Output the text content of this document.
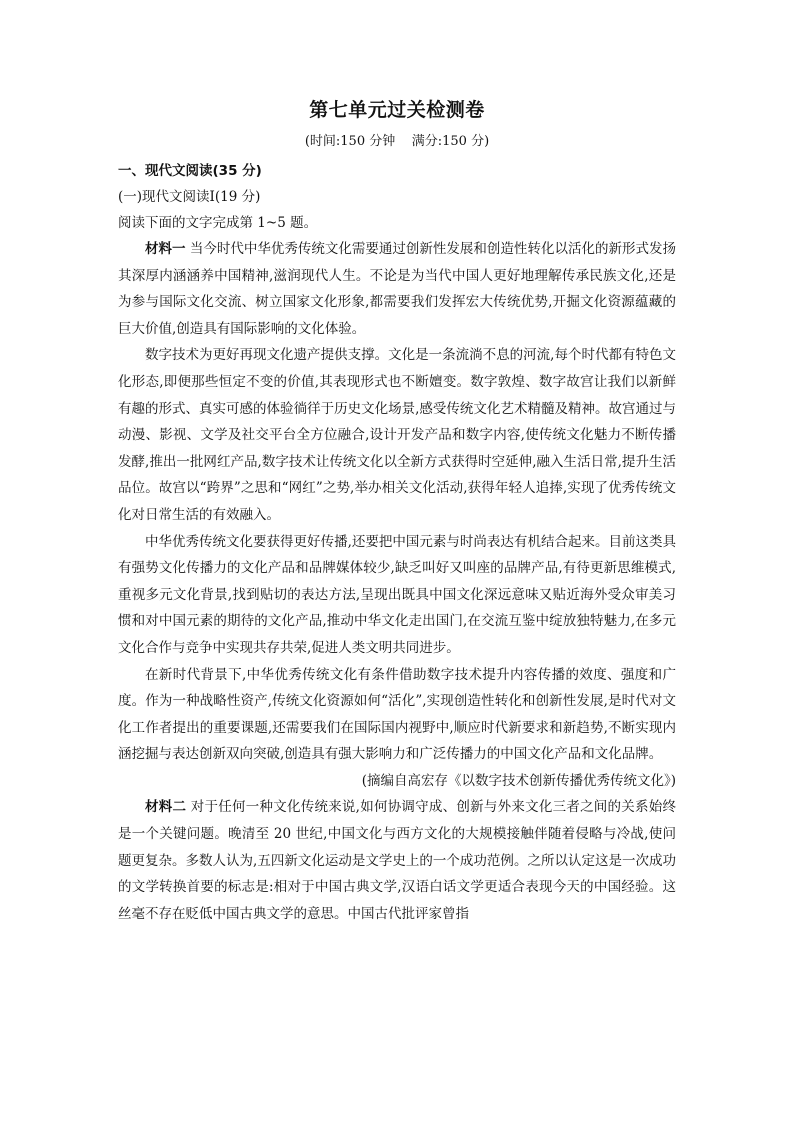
第七单元过关检测卷
(时间:150 分钟    满分:150 分)
一、现代文阅读(35 分)
(一)现代文阅读Ⅰ(19 分)
阅读下面的文字完成第 1~5 题。

材料一 当今时代中华优秀传统文化需要通过创新性发展和创造性转化以活化的新形式发扬其深厚内涵涵养中国精神,滋润现代人生。不论是为当代中国人更好地理解传承民族文化,还是为参与国际文化交流、树立国家文化形象,都需要我们发挥宏大传统优势,开掘文化资源蕴藏的巨大价值,创造具有国际影响的文化体验。

数字技术为更好再现文化遗产提供支撑。文化是一条流淌不息的河流,每个时代都有特色文化形态,即便那些恒定不变的价值,其表现形式也不断嬗变。数字敦煌、数字故宫让我们以新鲜有趣的形式、真实可感的体验徜徉于历史文化场景,感受传统文化艺术精髓及精神。故宫通过与动漫、影视、文学及社交平台全方位融合,设计开发产品和数字内容,使传统文化魅力不断传播发酵,推出一批网红产品,数字技术让传统文化以全新方式获得时空延伸,融入生活日常,提升生活品位。故宫以“跨界”之思和“网红”之势,举办相关文化活动,获得年轻人追捧,实现了优秀传统文化对日常生活的有效融入。

中华优秀传统文化要获得更好传播,还要把中国元素与时尚表达有机结合起来。目前这类具有强势文化传播力的文化产品和品牌媒体较少,缺乏叫好又叫座的品牌产品,有待更新思维模式,重视多元文化背景,找到贴切的表达方法,呈现出既具中国文化深远意味又贴近海外受众审美习惯和对中国元素的期待的文化产品,推动中华文化走出国门,在交流互鉴中绽放独特魅力,在多元文化合作与竞争中实现共存共荣,促进人类文明共同进步。

在新时代背景下,中华优秀传统文化有条件借助数字技术提升内容传播的效度、强度和广度。作为一种战略性资产,传统文化资源如何“活化”,实现创造性转化和创新性发展,是时代对文化工作者提出的重要课题,还需要我们在国际国内视野中,顺应时代新要求和新趋势,不断实现内涵挖掘与表达创新双向突破,创造具有强大影响力和广泛传播力的中国文化产品和文化品牌。

(摘编自高宏存《以数字技术创新传播优秀传统文化》)

材料二 对于任何一种文化传统来说,如何协调守成、创新与外来文化三者之间的关系始终是一个关键问题。晚清至 20 世纪,中国文化与西方文化的大规模接触伴随着侵略与冷战,使问题更复杂。多数人认为,五四新文化运动是文学史上的一个成功范例。之所以认定这是一次成功的文学转换首要的标志是:相对于中国古典文学,汉语白话文学更适合表现今天的中国经验。这丝毫不存在贬低中国古典文学的意思。中国古代批评家曾指
